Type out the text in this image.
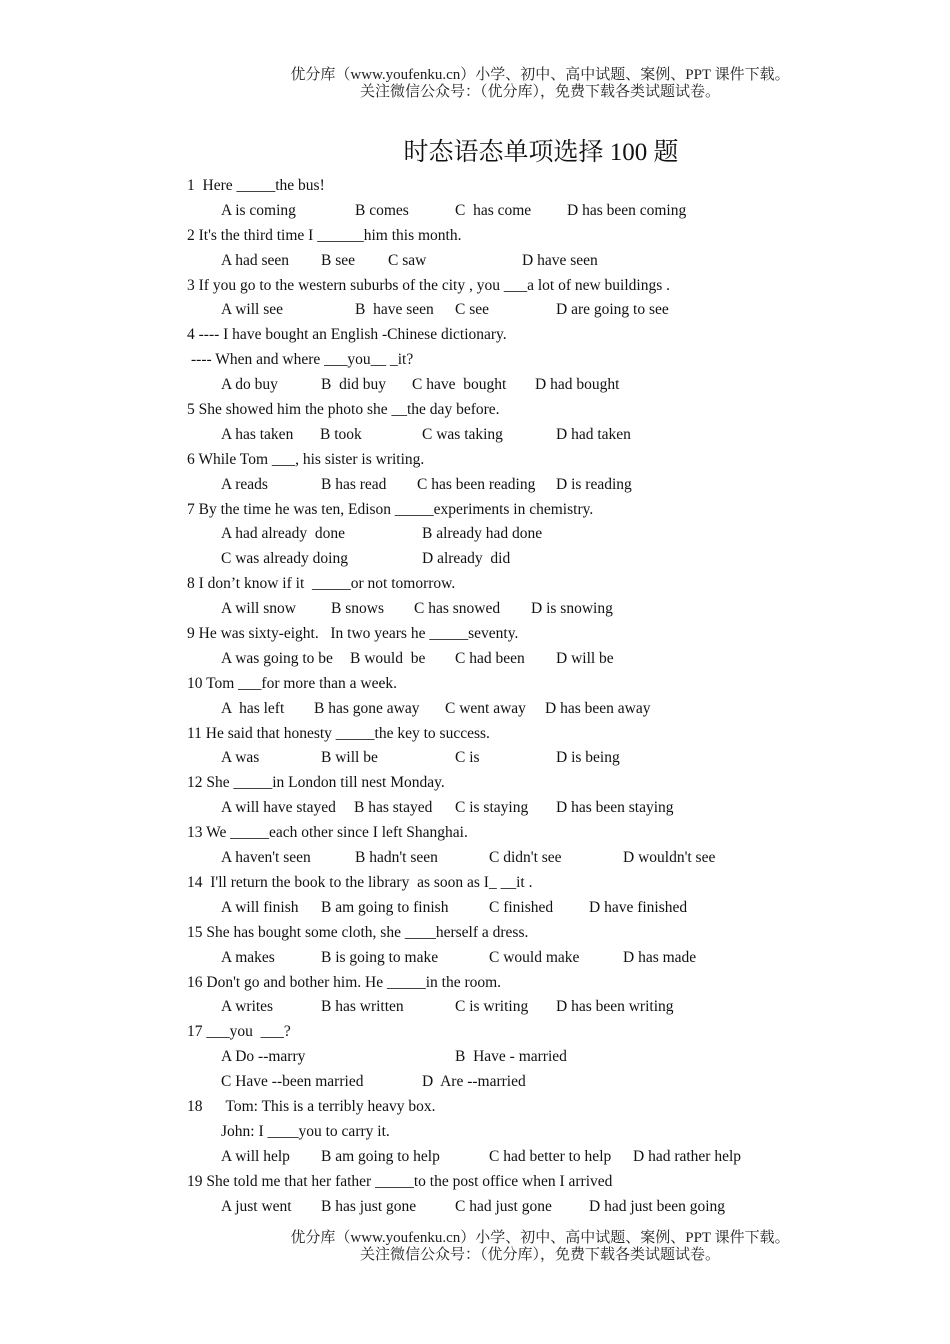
优分库（www.youfenku.cn）小学、初中、高中试题、案例、PPT 课件下载。
关注微信公众号：（优分库），免费下载各类试题试卷。
时态语态单项选择 100 题
1  Here _____the bus!
A is coming	B comes	C  has come D has been coming
2 It's the third time I ______him this month.
A had seen B see C saw	D have seen
3 If you go to the western suburbs of the city , you ___a lot of new buildings .
A will see	B  have seen C see	D are going to see
4 ---- I have bought an English -Chinese dictionary.
---- When and where ___you__ _it?
A do buy	B  did buy C have  bought D had bought
5 She showed him the photo she __the day before.
A has taken B took	C was taking	D had taken
6 While Tom ___, his sister is writing.
A reads	B has read C has been reading D is reading
7 By the time he was ten, Edison _____experiments in chemistry.
A had already  done	B already had done
C was already doing	D already  did
8 I don’t know if it  _____or not tomorrow.
A will snow B snows C has snowed D is snowing
9 He was sixty-eight.   In two years he _____seventy.
A was going to be B would  be C had been D will be
10 Tom ___for more than a week.
A  has left B has gone away C went away D has been away
11 He said that honesty _____the key to success.
A was	B will be	C is	D is being
12 She _____in London till nest Monday.
A will have stayed B has stayed C is staying D has been staying
13 We _____each other since I left Shanghai.
A haven't seen	B hadn't seen	C didn't see	D wouldn't see
14  I'll return the book to the library  as soon as I_ __it .
A will finish B am going to finish	C finished D have finished
15 She has bought some cloth, she ____herself a dress.
A makes	B is going to make	C would make	D has made
16 Don't go and bother him. He _____in the room.
A writes	B has written	C is writing D has been writing
17 ___you  ___?
A Do --marry	B  Have - married
C Have --been married	D  Are --married
18      Tom: This is a terribly heavy box.
John: I ____you to carry it.
A will help B am going to help	C had better to help D had rather help
19 She told me that her father _____to the post office when I arrived
A just went B has just gone	C had just gone D had just been going
优分库（www.youfenku.cn）小学、初中、高中试题、案例、PPT 课件下载。
关注微信公众号：（优分库），免费下载各类试题试卷。
